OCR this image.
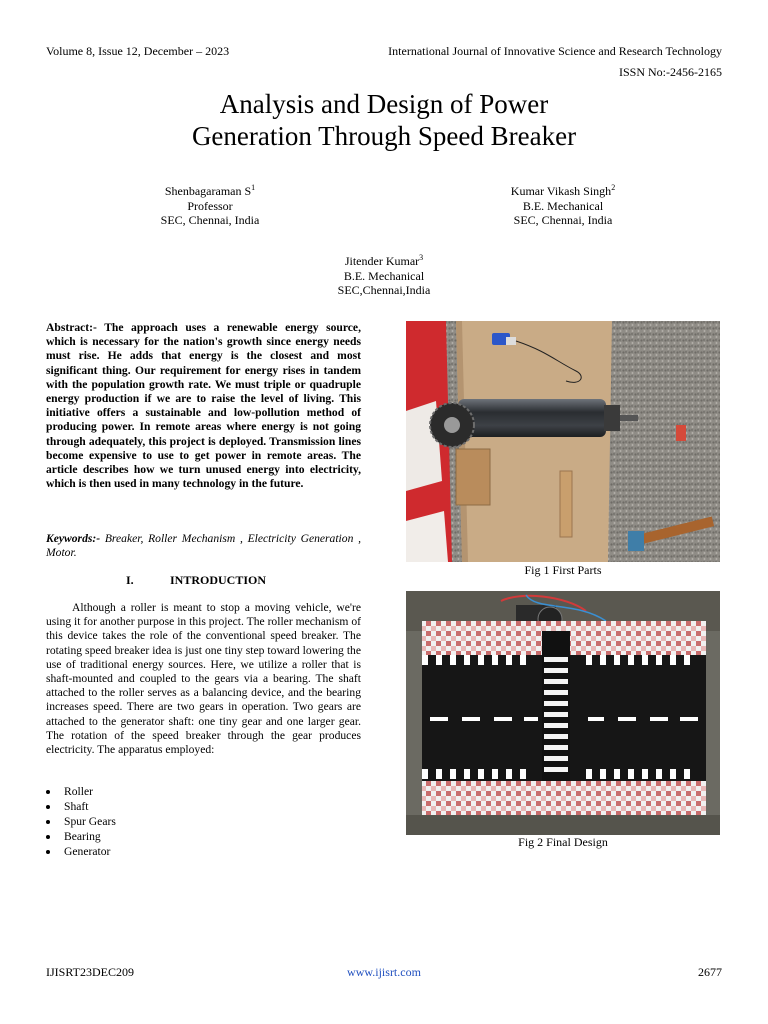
Volume 8, Issue 12, December – 2023	International Journal of Innovative Science and Research Technology
ISSN No:-2456-2165
Analysis and Design of Power
Generation Through Speed Breaker
Shenbagaraman $S^1$
Professor
SEC, Chennai, India
Kumar Vikash Singh$^2$
B.E. Mechanical
SEC, Chennai, India
Jitender Kumar$^3$
B.E. Mechanical
SEC,Chennai,India
Abstract:- The approach uses a renewable energy source, which is necessary for the nation's growth since energy needs must rise. He adds that energy is the closest and most significant thing. Our requirement for energy rises in tandem with the population growth rate. We must triple or quadruple energy production if we are to raise the level of living. This initiative offers a sustainable and low-pollution method of producing power. In remote areas where energy is not going through adequately, this project is deployed. Transmission lines become expensive to use to get power in remote areas. The article describes how we turn unused energy into electricity, which is then used in many technology in the future.
Keywords:- Breaker, Roller Mechanism , Electricity Generation , Motor.
I.	INTRODUCTION
Although a roller is meant to stop a moving vehicle, we're using it for another purpose in this project. The roller mechanism of this device takes the role of the conventional speed breaker. The rotating speed breaker idea is just one tiny step toward lowering the use of traditional energy sources. Here, we utilize a roller that is shaft-mounted and coupled to the gears via a bearing. The shaft attached to the roller serves as a balancing device, and the bearing increases speed. There are two gears in operation. Two gears are attached to the generator shaft: one tiny gear and one larger gear. The rotation of the speed breaker through the gear produces electricity. The apparatus employed:
Roller
Shaft
Spur Gears
Bearing
Generator
Fig 1 First Parts
Fig 2 Final Design
IJISRT23DEC209	www.ijisrt.com	2677
